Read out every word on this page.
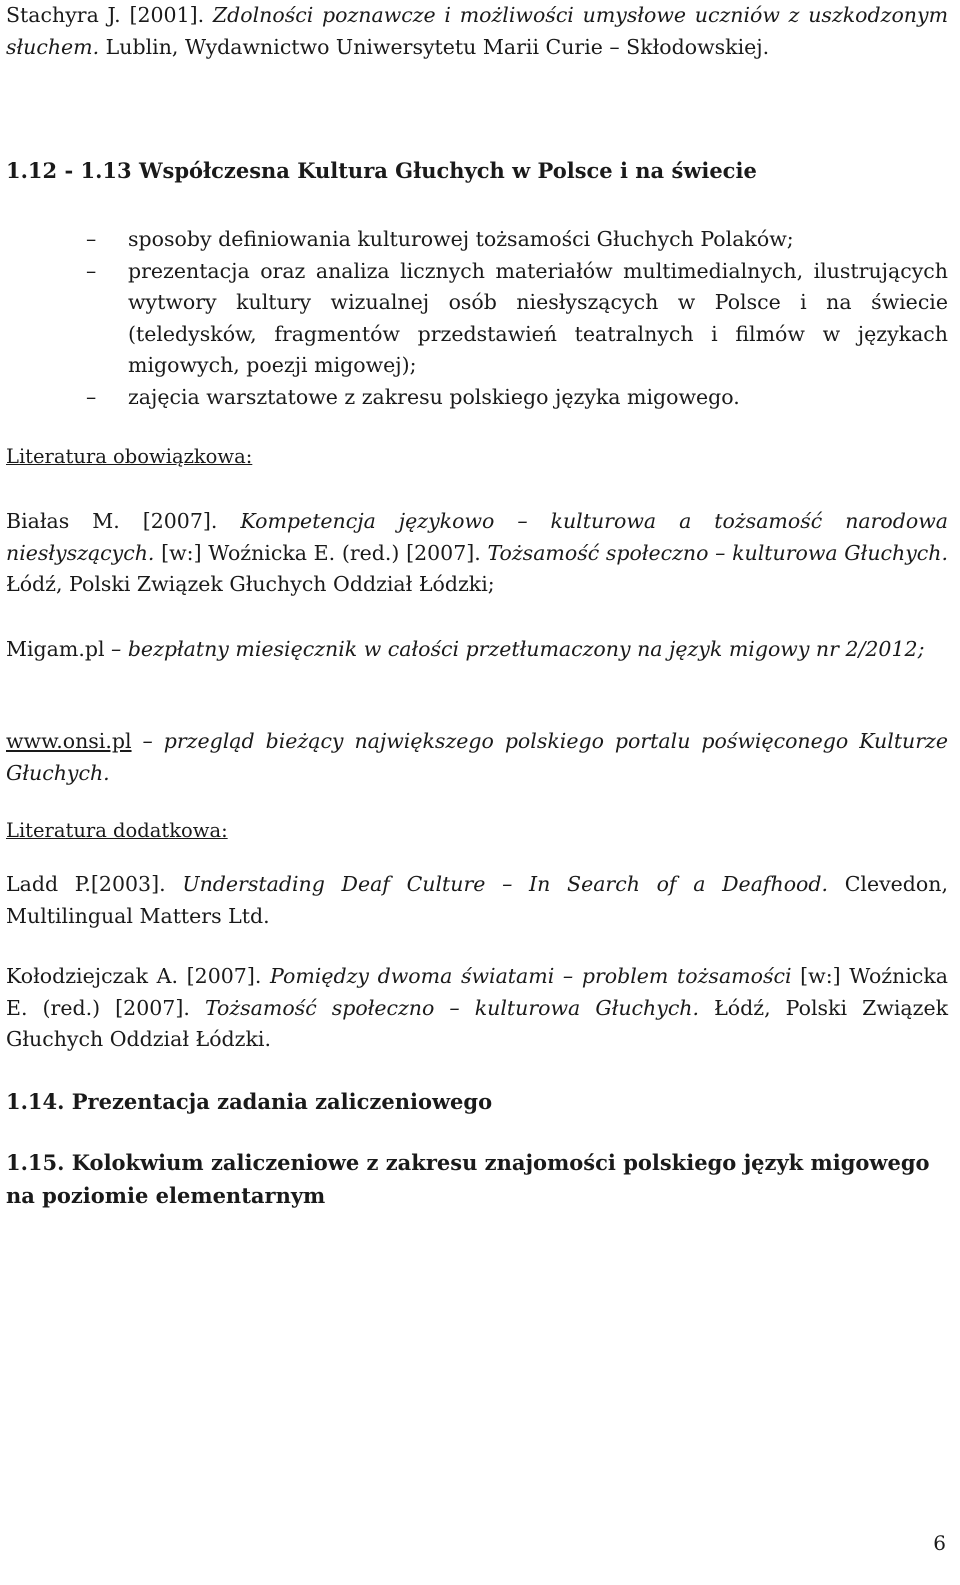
Stachyra J. [2001]. Zdolności poznawcze i możliwości umysłowe uczniów z uszkodzonym słuchem. Lublin, Wydawnictwo Uniwersytetu Marii Curie – Skłodowskiej.

1.12 - 1.13 Współczesna Kultura Głuchych w Polsce i na świecie
– sposoby definiowania kulturowej tożsamości Głuchych Polaków;
– prezentacja oraz analiza licznych materiałów multimedialnych, ilustrujących wytwory kultury wizualnej osób niesłyszących w Polsce i na świecie (teledysków, fragmentów przedstawień teatralnych i filmów w językach migowych, poezji migowej);
– zajęcia warsztatowe z zakresu polskiego języka migowego.

Literatura obowiązkowa:

Białas M. [2007]. Kompetencja językowo – kulturowa a tożsamość narodowa niesłyszących. [w:] Woźnicka E. (red.) [2007]. Tożsamość społeczno – kulturowa Głuchych. Łódź, Polski Związek Głuchych Oddział Łódzki;

Migam.pl – bezpłatny miesięcznik w całości przetłumaczony na język migowy nr 2/2012;

www.onsi.pl – przegląd bieżący największego polskiego portalu poświęconego Kulturze Głuchych.

Literatura dodatkowa:

Ladd P.[2003]. Understading Deaf Culture – In Search of a Deafhood. Clevedon, Multilingual Matters Ltd.

Kołodziejczak A. [2007]. Pomiędzy dwoma światami – problem tożsamości [w:] Woźnicka E. (red.) [2007]. Tożsamość społeczno – kulturowa Głuchych. Łódź, Polski Związek Głuchych Oddział Łódzki.

1.14. Prezentacja zadania zaliczeniowego
1.15. Kolokwium zaliczeniowe z zakresu znajomości polskiego język migowego na poziomie elementarnym
6
